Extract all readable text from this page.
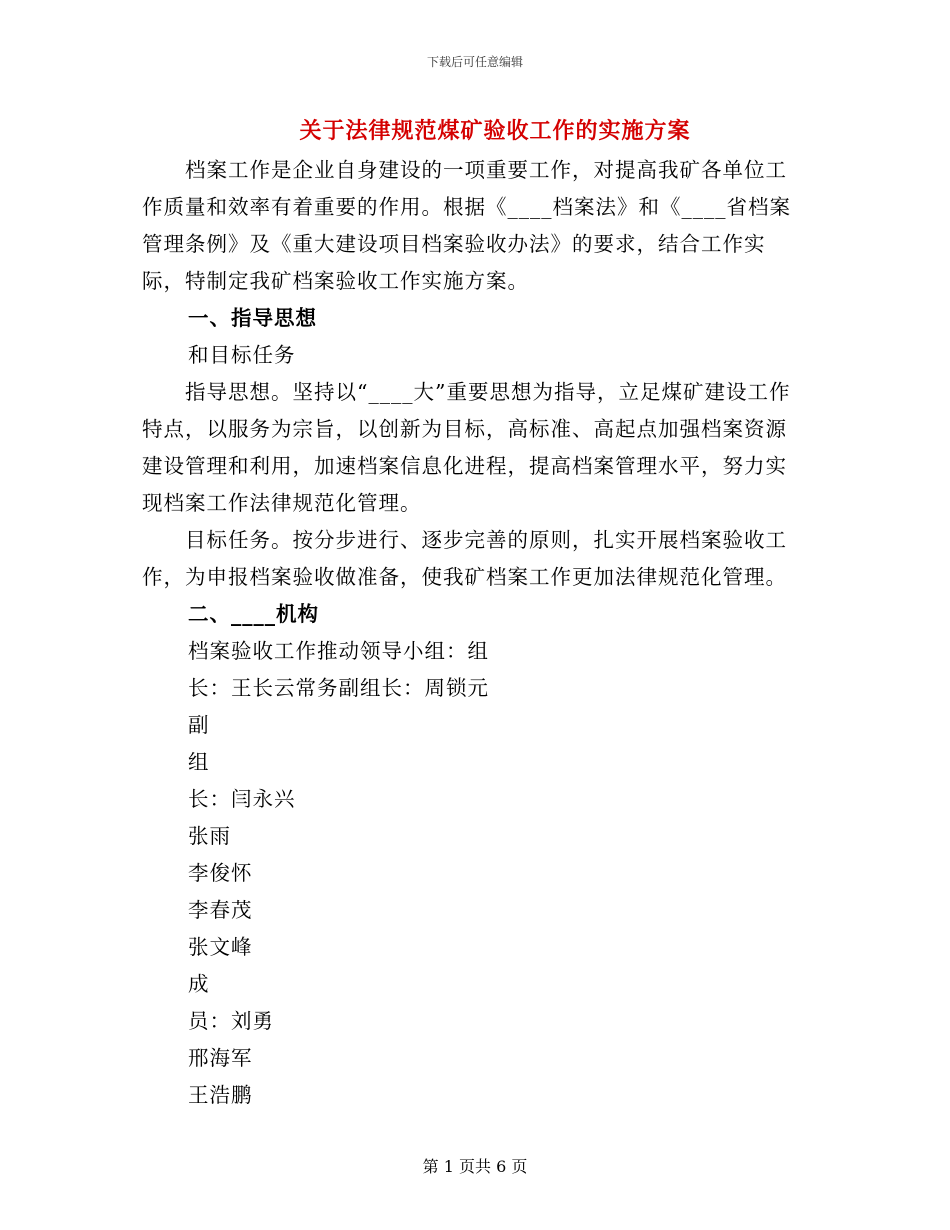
下载后可任意编辑
关于法律规范煤矿验收工作的实施方案

档案工作是企业自身建设的一项重要工作，对提高我矿各单位工作质量和效率有着重要的作用。根据《____档案法》和《____省档案管理条例》及《重大建设项目档案验收办法》的要求，结合工作实际，特制定我矿档案验收工作实施方案。

一、指导思想

和目标任务

指导思想。坚持以“____大”重要思想为指导，立足煤矿建设工作特点，以服务为宗旨，以创新为目标，高标准、高起点加强档案资源建设管理和利用，加速档案信息化进程，提高档案管理水平，努力实现档案工作法律规范化管理。

目标任务。按分步进行、逐步完善的原则，扎实开展档案验收工作，为申报档案验收做准备，使我矿档案工作更加法律规范化管理。

二、____机构

档案验收工作推动领导小组：组

长：王长云常务副组长：周锁元

副

组

长：闫永兴

张雨

李俊怀

李春茂

张文峰

成

员：刘勇

邢海军

王浩鹏

第 1 页共 6 页
